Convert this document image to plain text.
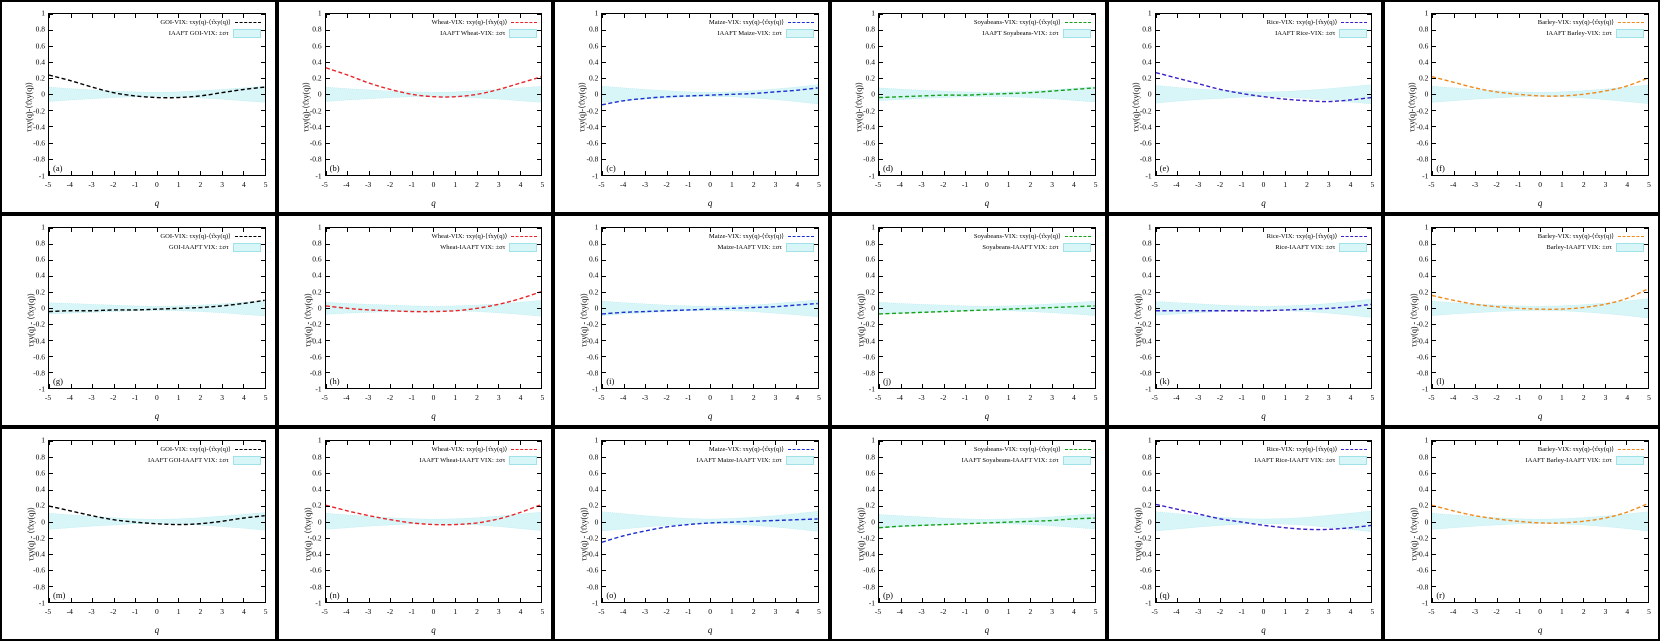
τxy(q)-⟨τ̂xy(q)⟩
GOI-VIX: τxy(q)-⟨τ̂xy(q)⟩
IAAFT GOI-VIX: ±στ
(a)
1
0.8
0.6
0.4
0.2
0
-0.2
-0.4
-0.6
-0.8
-1
-5 -4 -3 -2 -1 0 1 2 3 4 5
q
τxy(q)-⟨τ̂xy(q)⟩
Wheat-VIX: τxy(q)-⟨τ̂xy(q)⟩
IAAFT Wheat-VIX: ±στ
(b)
1
0.8
0.6
0.4
0.2
0
-0.2
-0.4
-0.6
-0.8
-1
-5 -4 -3 -2 -1 0 1 2 3 4 5
q
τxy(q)-⟨τ̂xy(q)⟩
Maize-VIX: τxy(q)-⟨τ̂xy(q)⟩
IAAFT Maize-VIX: ±στ
(c)
1
0.8
0.6
0.4
0.2
0
-0.2
-0.4
-0.6
-0.8
-1
-5 -4 -3 -2 -1 0 1 2 3 4 5
q
τxy(q)-⟨τ̂xy(q)⟩
Soyabeans-VIX: τxy(q)-⟨τ̂xy(q)⟩
IAAFT Soyabeans-VIX: ±στ
(d)
1
0.8
0.6
0.4
0.2
0
-0.2
-0.4
-0.6
-0.8
-1
-5 -4 -3 -2 -1 0 1 2 3 4 5
q
τxy(q)-⟨τ̂xy(q)⟩
Rice-VIX: τxy(q)-⟨τ̂xy(q)⟩
IAAFT Rice-VIX: ±στ
(e)
1
0.8
0.6
0.4
0.2
0
-0.2
-0.4
-0.6
-0.8
-1
-5 -4 -3 -2 -1 0 1 2 3 4 5
q
τxy(q)-⟨τ̂xy(q)⟩
Barley-VIX: τxy(q)-⟨τ̂xy(q)⟩
IAAFT Barley-VIX: ±στ
(f)
1
0.8
0.6
0.4
0.2
0
-0.2
-0.4
-0.6
-0.8
-1
-5 -4 -3 -2 -1 0 1 2 3 4 5
q
τxy(q) - ⟨τ̂xy(q)⟩
GOI-VIX: τxy(q)-⟨τ̂xy(q)⟩
GOI-IAAFT VIX: ±στ
(g)
1
0.8
0.6
0.4
0.2
0
-0.2
-0.4
-0.6
-0.8
-1
-5 -4 -3 -2 -1 0 1 2 3 4 5
q
τxy(q) - ⟨τ̂xy(q)⟩
Wheat-VIX: τxy(q)-⟨τ̂xy(q)⟩
Wheat-IAAFT VIX: ±στ
(h)
1
0.8
0.6
0.4
0.2
0
-0.2
-0.4
-0.6
-0.8
-1
-5 -4 -3 -2 -1 0 1 2 3 4 5
q
τxy(q) - ⟨τ̂xy(q)⟩
Maize-VIX: τxy(q)-⟨τ̂xy(q)⟩
Maize-IAAFT VIX: ±στ
(i)
1
0.8
0.6
0.4
0.2
0
-0.2
-0.4
-0.6
-0.8
-1
-5 -4 -3 -2 -1 0 1 2 3 4 5
q
τxy(q) - ⟨τ̂xy(q)⟩
Soyabeans-VIX: τxy(q)-⟨τ̂xy(q)⟩
Soyabeans-IAAFT VIX: ±στ
(j)
1
0.8
0.6
0.4
0.2
0
-0.2
-0.4
-0.6
-0.8
-1
-5 -4 -3 -2 -1 0 1 2 3 4 5
q
τxy(q) - ⟨τ̂xy(q)⟩
Rice-VIX: τxy(q)-⟨τ̂xy(q)⟩
Rice-IAAFT VIX: ±στ
(k)
1
0.8
0.6
0.4
0.2
0
-0.2
-0.4
-0.6
-0.8
-1
-5 -4 -3 -2 -1 0 1 2 3 4 5
q
τxy(q) - ⟨τ̂xy(q)⟩
Barley-VIX: τxy(q)-⟨τ̂xy(q)⟩
Barley-IAAFT VIX: ±στ
(l)
1
0.8
0.6
0.4
0.2
0
-0.2
-0.4
-0.6
-0.8
-1
-5 -4 -3 -2 -1 0 1 2 3 4 5
q
τxy(q) - ⟨τ̂xy(q)⟩
GOI-VIX: τxy(q)-⟨τ̂xy(q)⟩
IAAFT GOI-IAAFT VIX: ±στ
(m)
1
0.8
0.6
0.4
0.2
0
-0.2
-0.4
-0.6
-0.8
-1
-5 -4 -3 -2 -1 0 1 2 3 4 5
q
τxy(q) - ⟨τ̂xy(q)⟩
Wheat-VIX: τxy(q)-⟨τ̂xy(q)⟩
IAAFT Wheat-IAAFT VIX: ±στ
(n)
1
0.8
0.6
0.4
0.2
0
-0.2
-0.4
-0.6
-0.8
-1
-5 -4 -3 -2 -1 0 1 2 3 4 5
q
τxy(q) - ⟨τ̂xy(q)⟩
Maize-VIX: τxy(q)-⟨τ̂xy(q)⟩
IAAFT Maize-IAAFT VIX: ±στ
(o)
1
0.8
0.6
0.4
0.2
0
-0.2
-0.4
-0.6
-0.8
-1
-5 -4 -3 -2 -1 0 1 2 3 4 5
q
τxy(q) - ⟨τ̂xy(q)⟩
Soyabeans-VIX: τxy(q)-⟨τ̂xy(q)⟩
IAAFT Soyabeans-IAAFT VIX: ±στ
(p)
1
0.8
0.6
0.4
0.2
0
-0.2
-0.4
-0.6
-0.8
-1
-5 -4 -3 -2 -1 0 1 2 3 4 5
q
τxy(q) - ⟨τ̂xy(q)⟩
Rice-VIX: τxy(q)-⟨τ̂xy(q)⟩
IAAFT Rice-IAAFT VIX: ±στ
(q)
1
0.8
0.6
0.4
0.2
0
-0.2
-0.4
-0.6
-0.8
-1
-5 -4 -3 -2 -1 0 1 2 3 4 5
q
τxy(q) - ⟨τ̂xy(q)⟩
Barley-VIX: τxy(q)-⟨τ̂xy(q)⟩
IAAFT Barley-IAAFT VIX: ±στ
(r)
1
0.8
0.6
0.4
0.2
0
-0.2
-0.4
-0.6
-0.8
-1
-5 -4 -3 -2 -1 0 1 2 3 4 5
q
